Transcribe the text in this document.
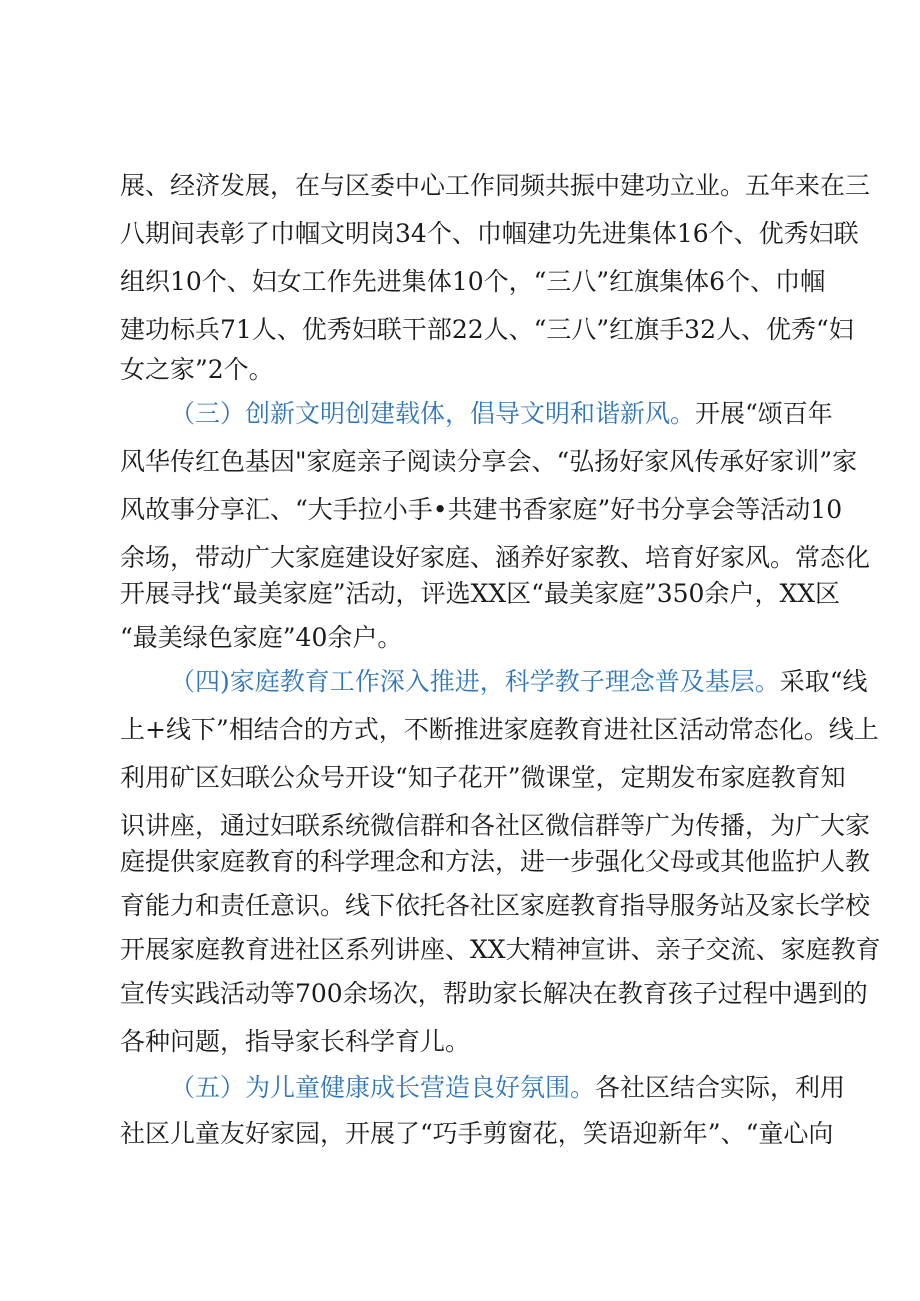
展、经济发展，在与区委中心工作同频共振中建功立业。五年来在三
八期间表彰了巾帼文明岗34个、巾帼建功先进集体16个、优秀妇联
组织10个、妇女工作先进集体10个，“三八”红旗集体6个、巾帼
建功标兵71人、优秀妇联干部22人、“三八”红旗手32人、优秀“妇
女之家”2个。
（三）创新文明创建载体，倡导文明和谐新风。开展“颂百年
风华传红色基因"家庭亲子阅读分享会、“弘扬好家风传承好家训”家
风故事分享汇、“大手拉小手•共建书香家庭”好书分享会等活动10
余场，带动广大家庭建设好家庭、涵养好家教、培育好家风。常态化
开展寻找“最美家庭”活动，评选XX区“最美家庭”350余户，XX区
“最美绿色家庭”40余户。
（四)家庭教育工作深入推进，科学教子理念普及基层。采取“线
上+线下”相结合的方式，不断推进家庭教育进社区活动常态化。线上
利用矿区妇联公众号开设“知子花开”微课堂，定期发布家庭教育知
识讲座，通过妇联系统微信群和各社区微信群等广为传播，为广大家
庭提供家庭教育的科学理念和方法，进一步强化父母或其他监护人教
育能力和责任意识。线下依托各社区家庭教育指导服务站及家长学校
开展家庭教育进社区系列讲座、XX大精神宣讲、亲子交流、家庭教育
宣传实践活动等700余场次，帮助家长解决在教育孩子过程中遇到的
各种问题，指导家长科学育儿。
（五）为儿童健康成长营造良好氛围。各社区结合实际，利用
社区儿童友好家园，开展了“巧手剪窗花，笑语迎新年”、“童心向
